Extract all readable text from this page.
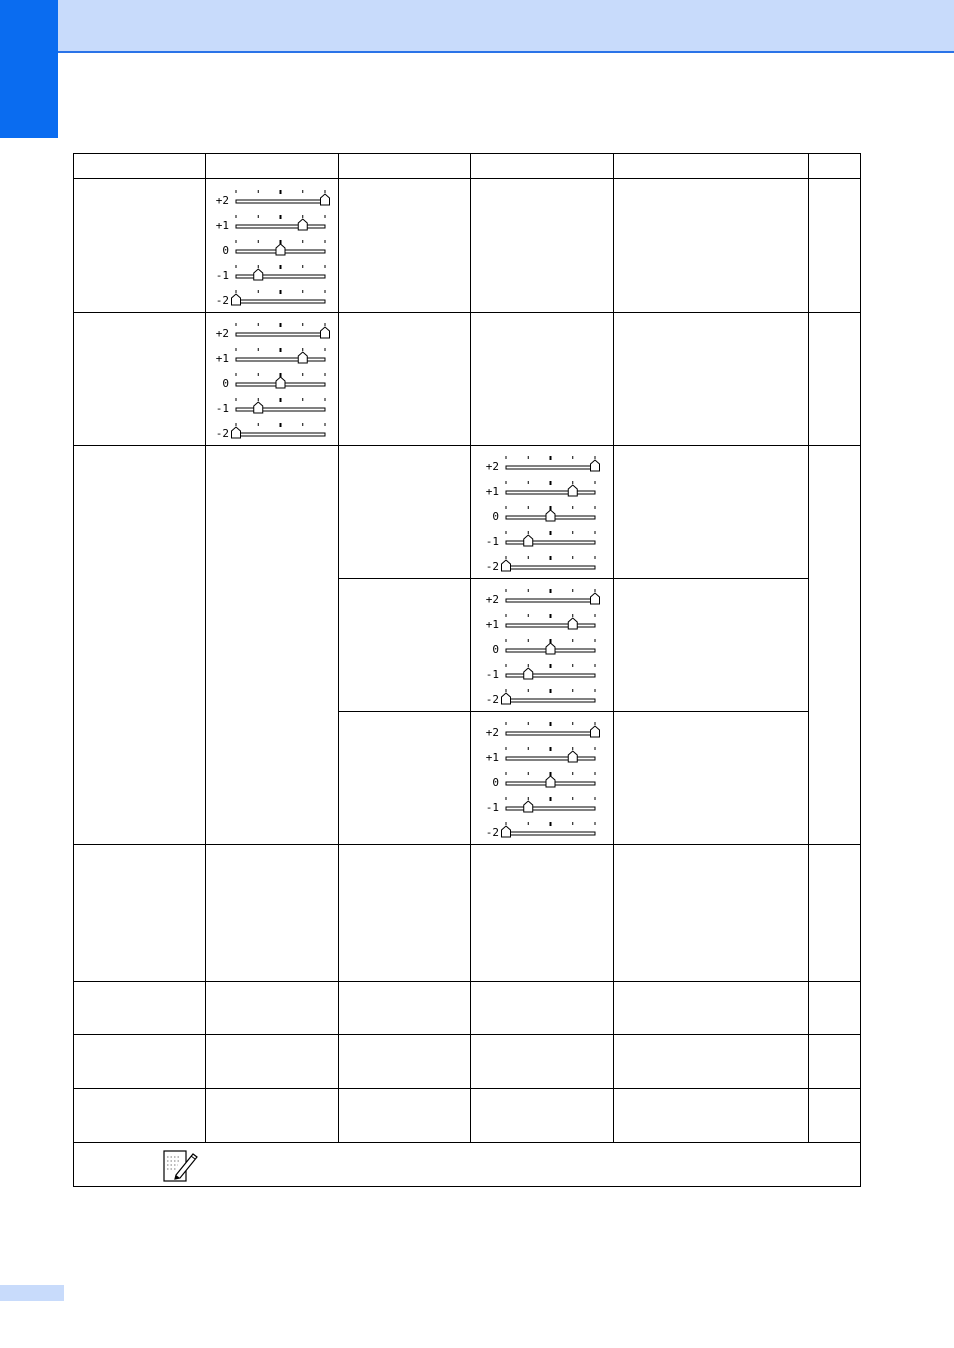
+2
+1
0
-1
-2
+2
+1
0
-1
-2
+2
+1
0
-1
-2
+2
+1
0
-1
-2
+2
+1
0
-1
-2
